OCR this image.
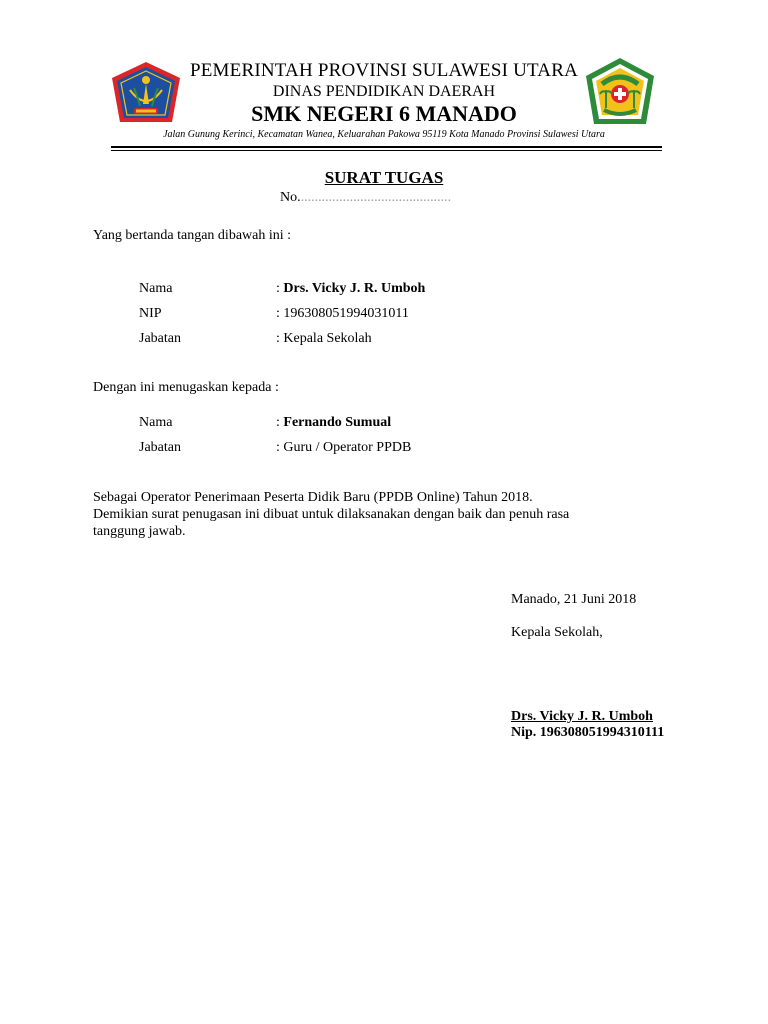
PEMERINTAH PROVINSI SULAWESI UTARA
DINAS PENDIDIKAN DAERAH
SMK NEGERI 6 MANADO
Jalan Gunung Kerinci, Kecamatan Wanea, Keluarahan Pakowa 95119 Kota Manado Provinsi Sulawesi Utara
SURAT TUGAS
No............................................
Yang bertanda tangan dibawah ini :
Nama	: Drs. Vicky J. R. Umboh
NIP	: 196308051994031011
Jabatan	: Kepala Sekolah
Dengan ini menugaskan kepada :
Nama	: Fernando Sumual
Jabatan	: Guru / Operator PPDB
Sebagai Operator Penerimaan Peserta Didik Baru (PPDB Online) Tahun 2018.
Demikian surat penugasan ini dibuat untuk dilaksanakan dengan baik dan penuh rasa
tanggung jawab.
Manado, 21 Juni 2018
Kepala Sekolah,
Drs. Vicky J. R. Umboh
Nip. 196308051994310111
